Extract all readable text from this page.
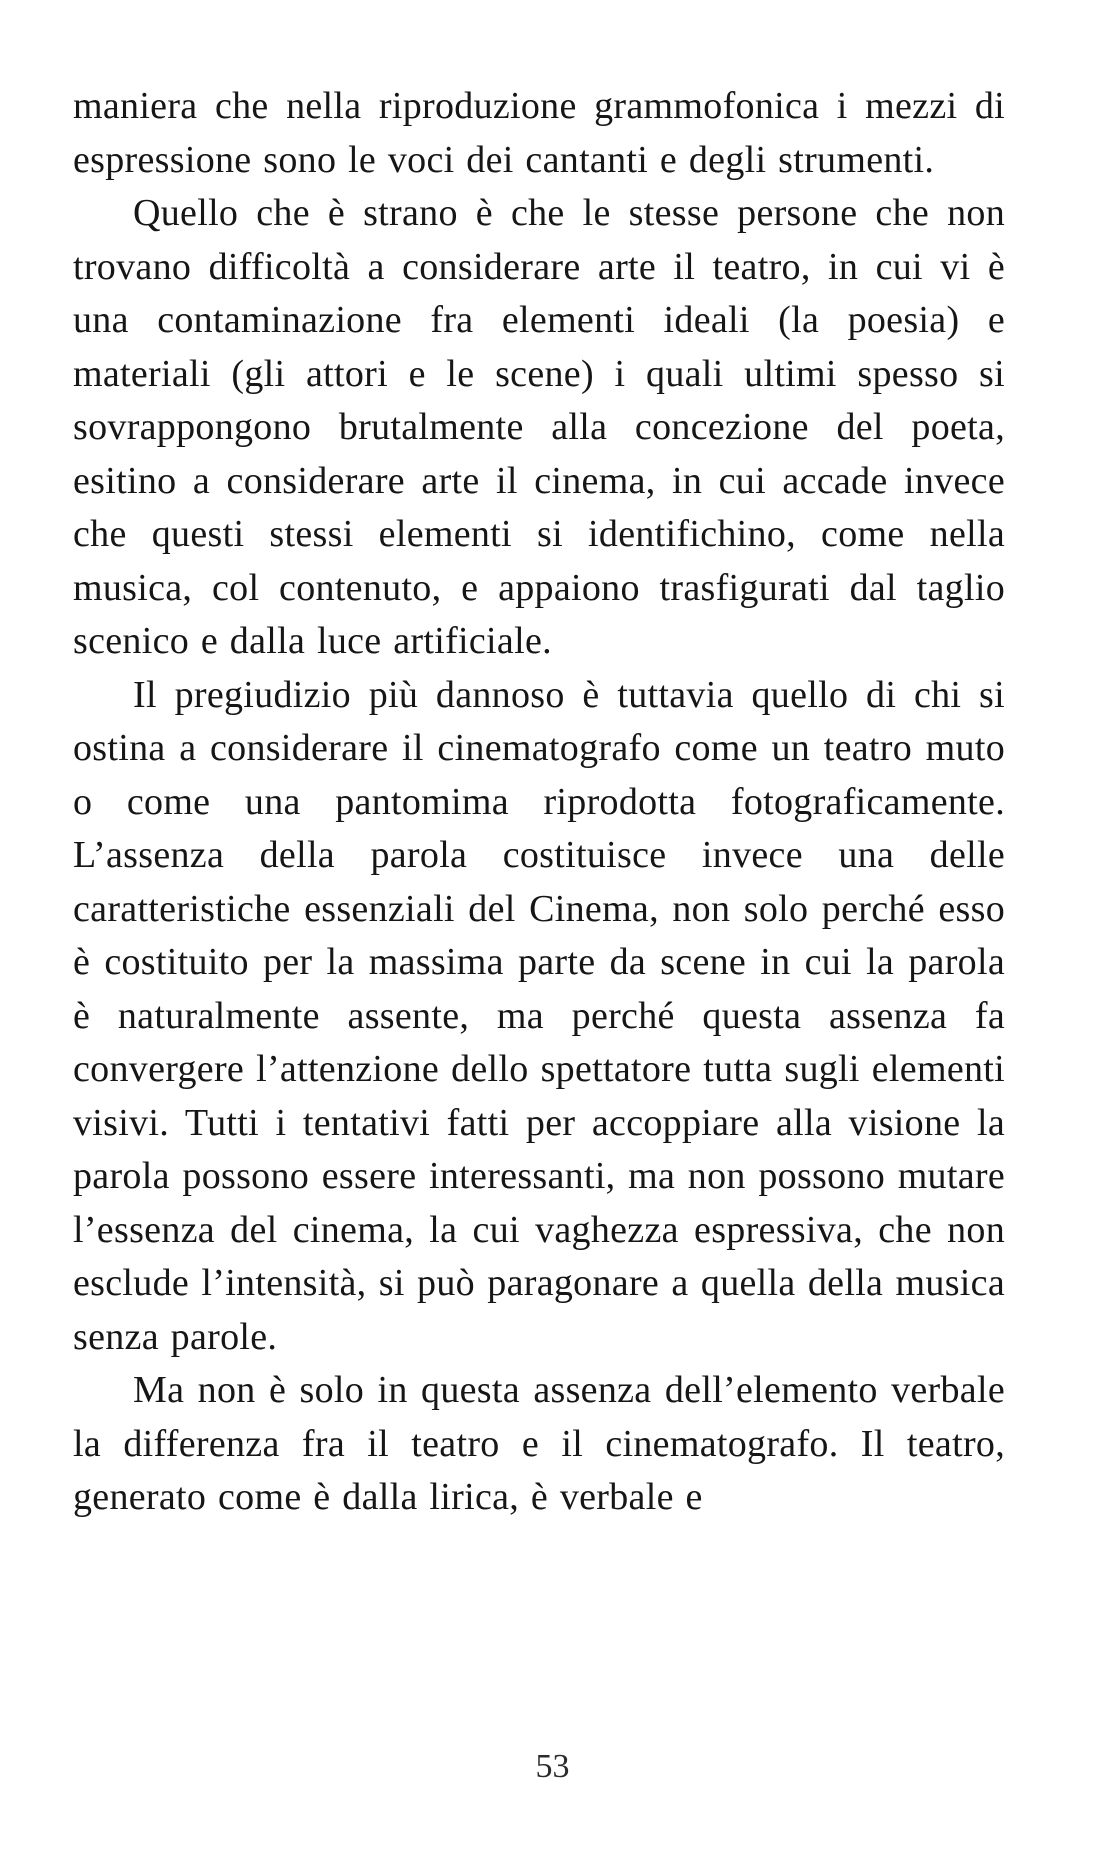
maniera che nella riproduzione grammofonica i mezzi di espressione sono le voci dei cantanti e degli strumenti.

Quello che è strano è che le stesse persone che non trovano difficoltà a considerare arte il teatro, in cui vi è una contaminazione fra elementi ideali (la poesia) e materiali (gli attori e le scene) i quali ultimi spesso si sovrappongono brutalmente alla concezione del poeta, esitino a considerare arte il cinema, in cui accade invece che questi stessi elementi si identifichino, come nella musica, col contenuto, e appaiono trasfigurati dal taglio scenico e dalla luce artificiale.

Il pregiudizio più dannoso è tuttavia quello di chi si ostina a considerare il cinematografo come un teatro muto o come una pantomima riprodotta fotograficamente. L’assenza della parola costituisce invece una delle caratteristiche essenziali del Cinema, non solo perché esso è costituito per la massima parte da scene in cui la parola è naturalmente assente, ma perché questa assenza fa convergere l’attenzione dello spettatore tutta sugli elementi visivi. Tutti i tentativi fatti per accoppiare alla visione la parola possono essere interessanti, ma non possono mutare l’essenza del cinema, la cui vaghezza espressiva, che non esclude l’intensità, si può paragonare a quella della musica senza parole.

Ma non è solo in questa assenza dell’elemento verbale la differenza fra il teatro e il cinematografo. Il teatro, generato come è dalla lirica, è verbale e

53
